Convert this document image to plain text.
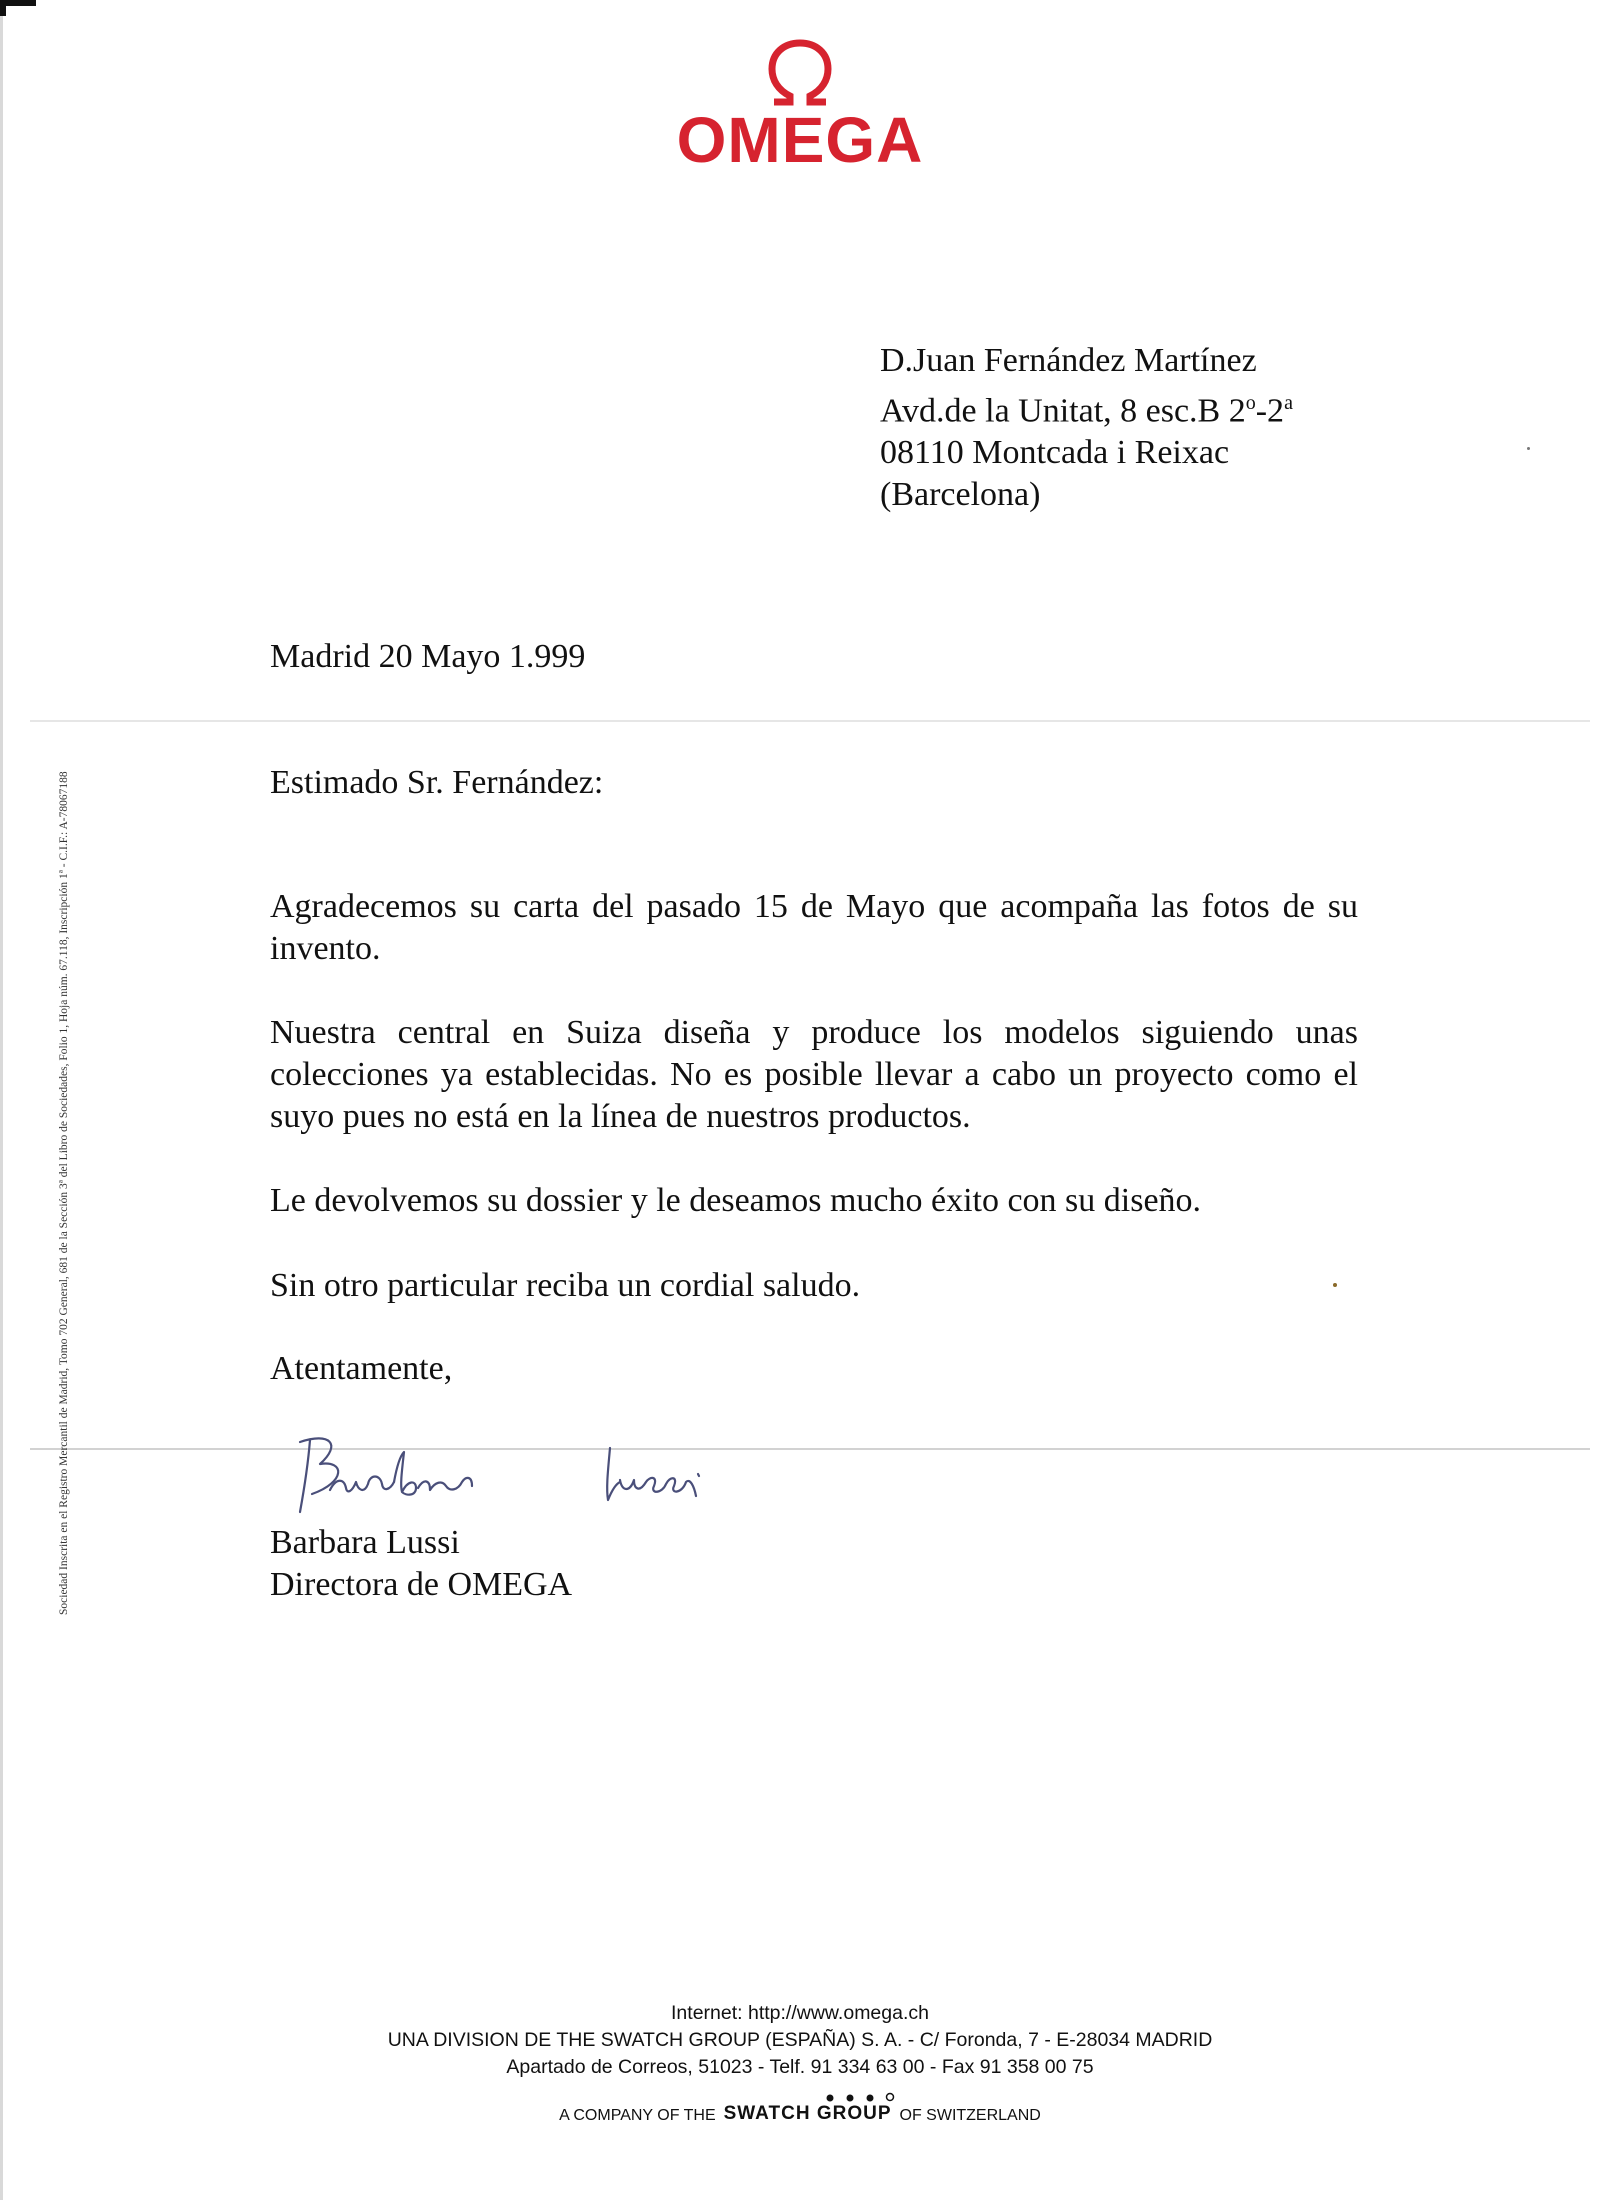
OMEGA
D.Juan Fernández Martínez
Avd.de la Unitat, 8 esc.B 2$^o$-2$^a$
08110 Montcada i Reixac
(Barcelona)
Sociedad Inscrita en el Registro Mercantil de Madrid, Tomo 702 General, 681 de la Sección 3ª del Libro de Sociedades, Folio 1, Hoja núm. 67.118, Inscripción 1ª - C.I.F.: A-78067188
Madrid 20 Mayo 1.999
Estimado Sr. Fernández:
Agradecemos su carta del pasado 15 de Mayo que acompaña las fotos de su invento.
Nuestra central en Suiza diseña y produce los modelos siguiendo unas colecciones ya establecidas. No es posible llevar a cabo un proyecto como el suyo pues no está en la línea de nuestros productos.
Le devolvemos su dossier y le deseamos mucho éxito con su diseño.
Sin otro particular reciba un cordial saludo.
Atentamente,
Barbara Lussi
Directora de OMEGA
Internet: http://www.omega.ch
UNA DIVISION DE THE SWATCH GROUP (ESPAÑA) S. A. - C/ Foronda, 7 - E-28034 MADRID
Apartado de Correos, 51023 - Telf. 91 334 63 00 - Fax 91 358 00 75
A COMPANY OF THE SWATCH GROUP OF SWITZERLAND
